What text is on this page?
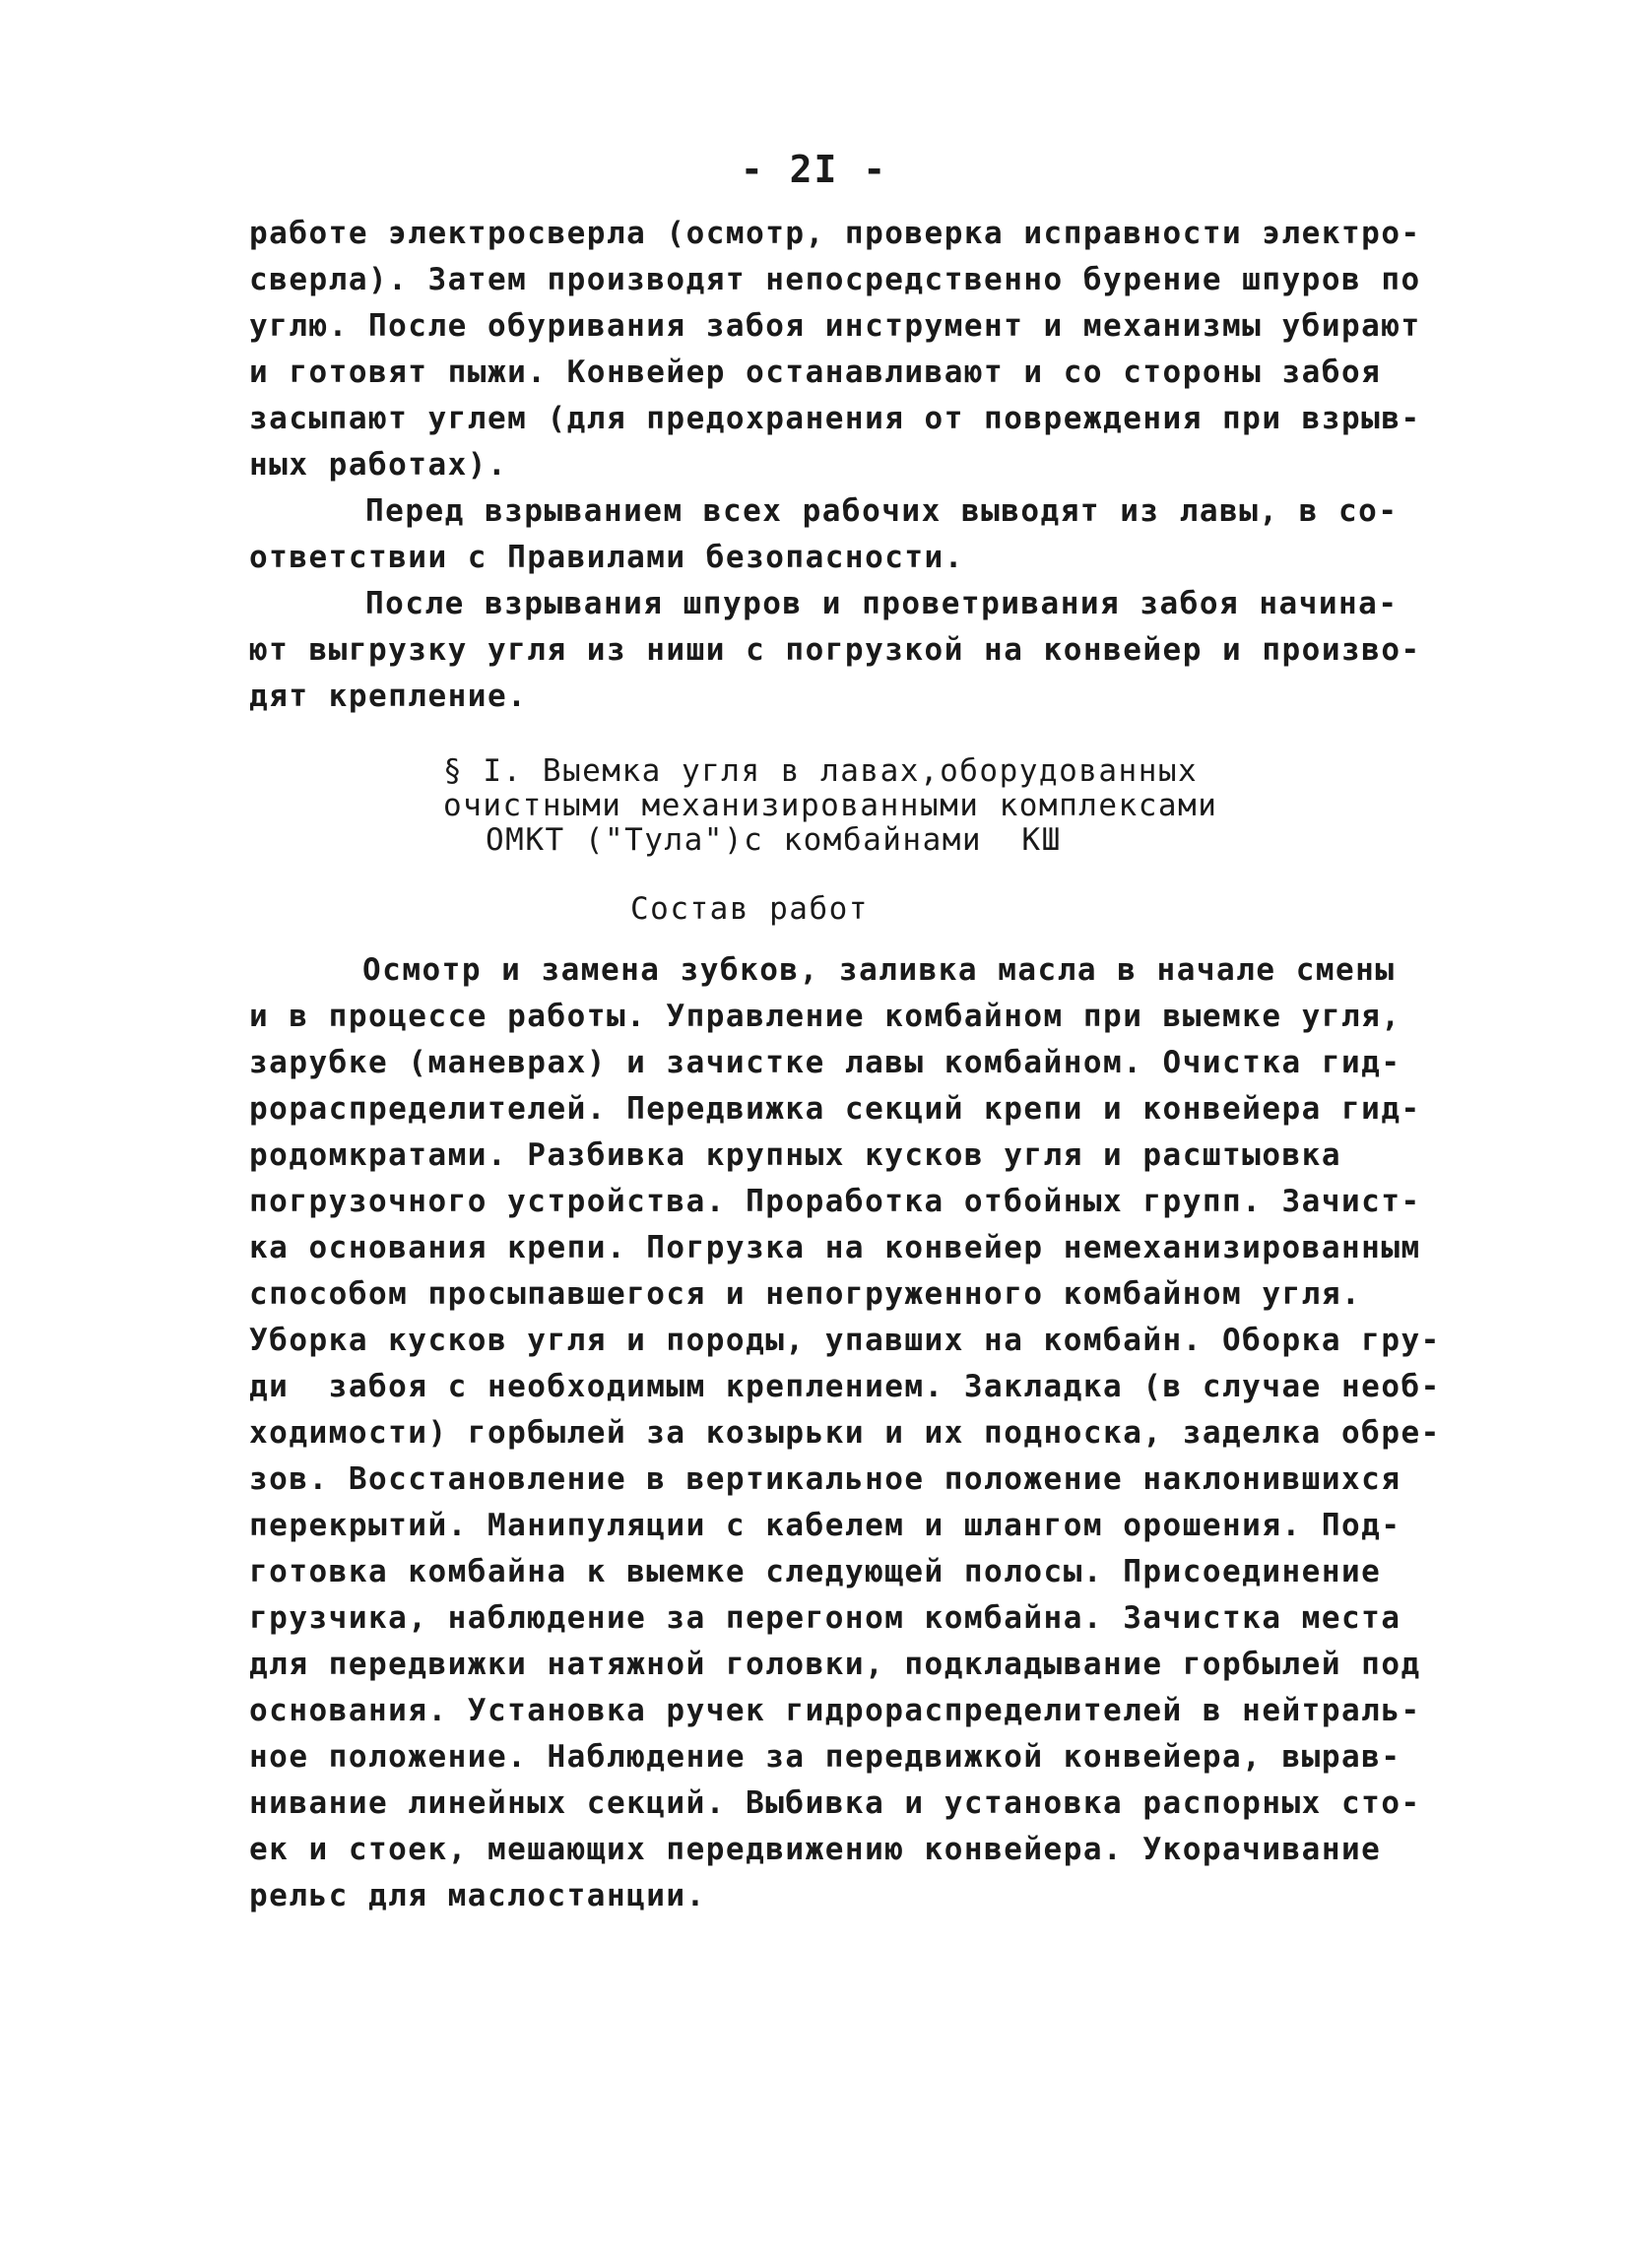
- 2I -
работе электросверла (осмотр, проверка исправности электро-
сверла). Затем производят непосредственно бурение шпуров по
углю. После обуривания забоя инструмент и механизмы убирают
и готовят пыжи. Конвейер останавливают и со стороны забоя
засыпают углем (для предохранения от повреждения при взрыв-
ных работах).
Перед взрыванием всех рабочих выводят из лавы, в со-
ответствии с Правилами безопасности.
После взрывания шпуров и проветривания забоя начина-
ют выгрузку угля из ниши с погрузкой на конвейер и произво-
дят крепление.
§ I. Выемка угля в лавах,оборудованных
очистными механизированными комплексами
ОМКТ ("Тула")с комбайнами  КШ
Состав работ
Осмотр и замена зубков, заливка масла в начале смены
и в процессе работы. Управление комбайном при выемке угля,
зарубке (маневрах) и зачистке лавы комбайном. Очистка гид-
рораспределителей. Передвижка секций крепи и конвейера гид-
родомкратами. Разбивка крупных кусков угля и расштыовка
погрузочного устройства. Проработка отбойных групп. Зачист-
ка основания крепи. Погрузка на конвейер немеханизированным
способом просыпавшегося и непогруженного комбайном угля.
Уборка кусков угля и породы, упавших на комбайн. Оборка гру-
ди  забоя с необходимым креплением. Закладка (в случае необ-
ходимости) горбылей за козырьки и их подноска, заделка обре-
зов. Восстановление в вертикальное положение наклонившихся
перекрытий. Манипуляции с кабелем и шлангом орошения. Под-
готовка комбайна к выемке следующей полосы. Присоединение
грузчика, наблюдение за перегоном комбайна. Зачистка места
для передвижки натяжной головки, подкладывание горбылей под
основания. Установка ручек гидрораспределителей в нейтраль-
ное положение. Наблюдение за передвижкой конвейера, вырав-
нивание линейных секций. Выбивка и установка распорных сто-
ек и стоек, мешающих передвижению конвейера. Укорачивание
рельс для маслостанции.
